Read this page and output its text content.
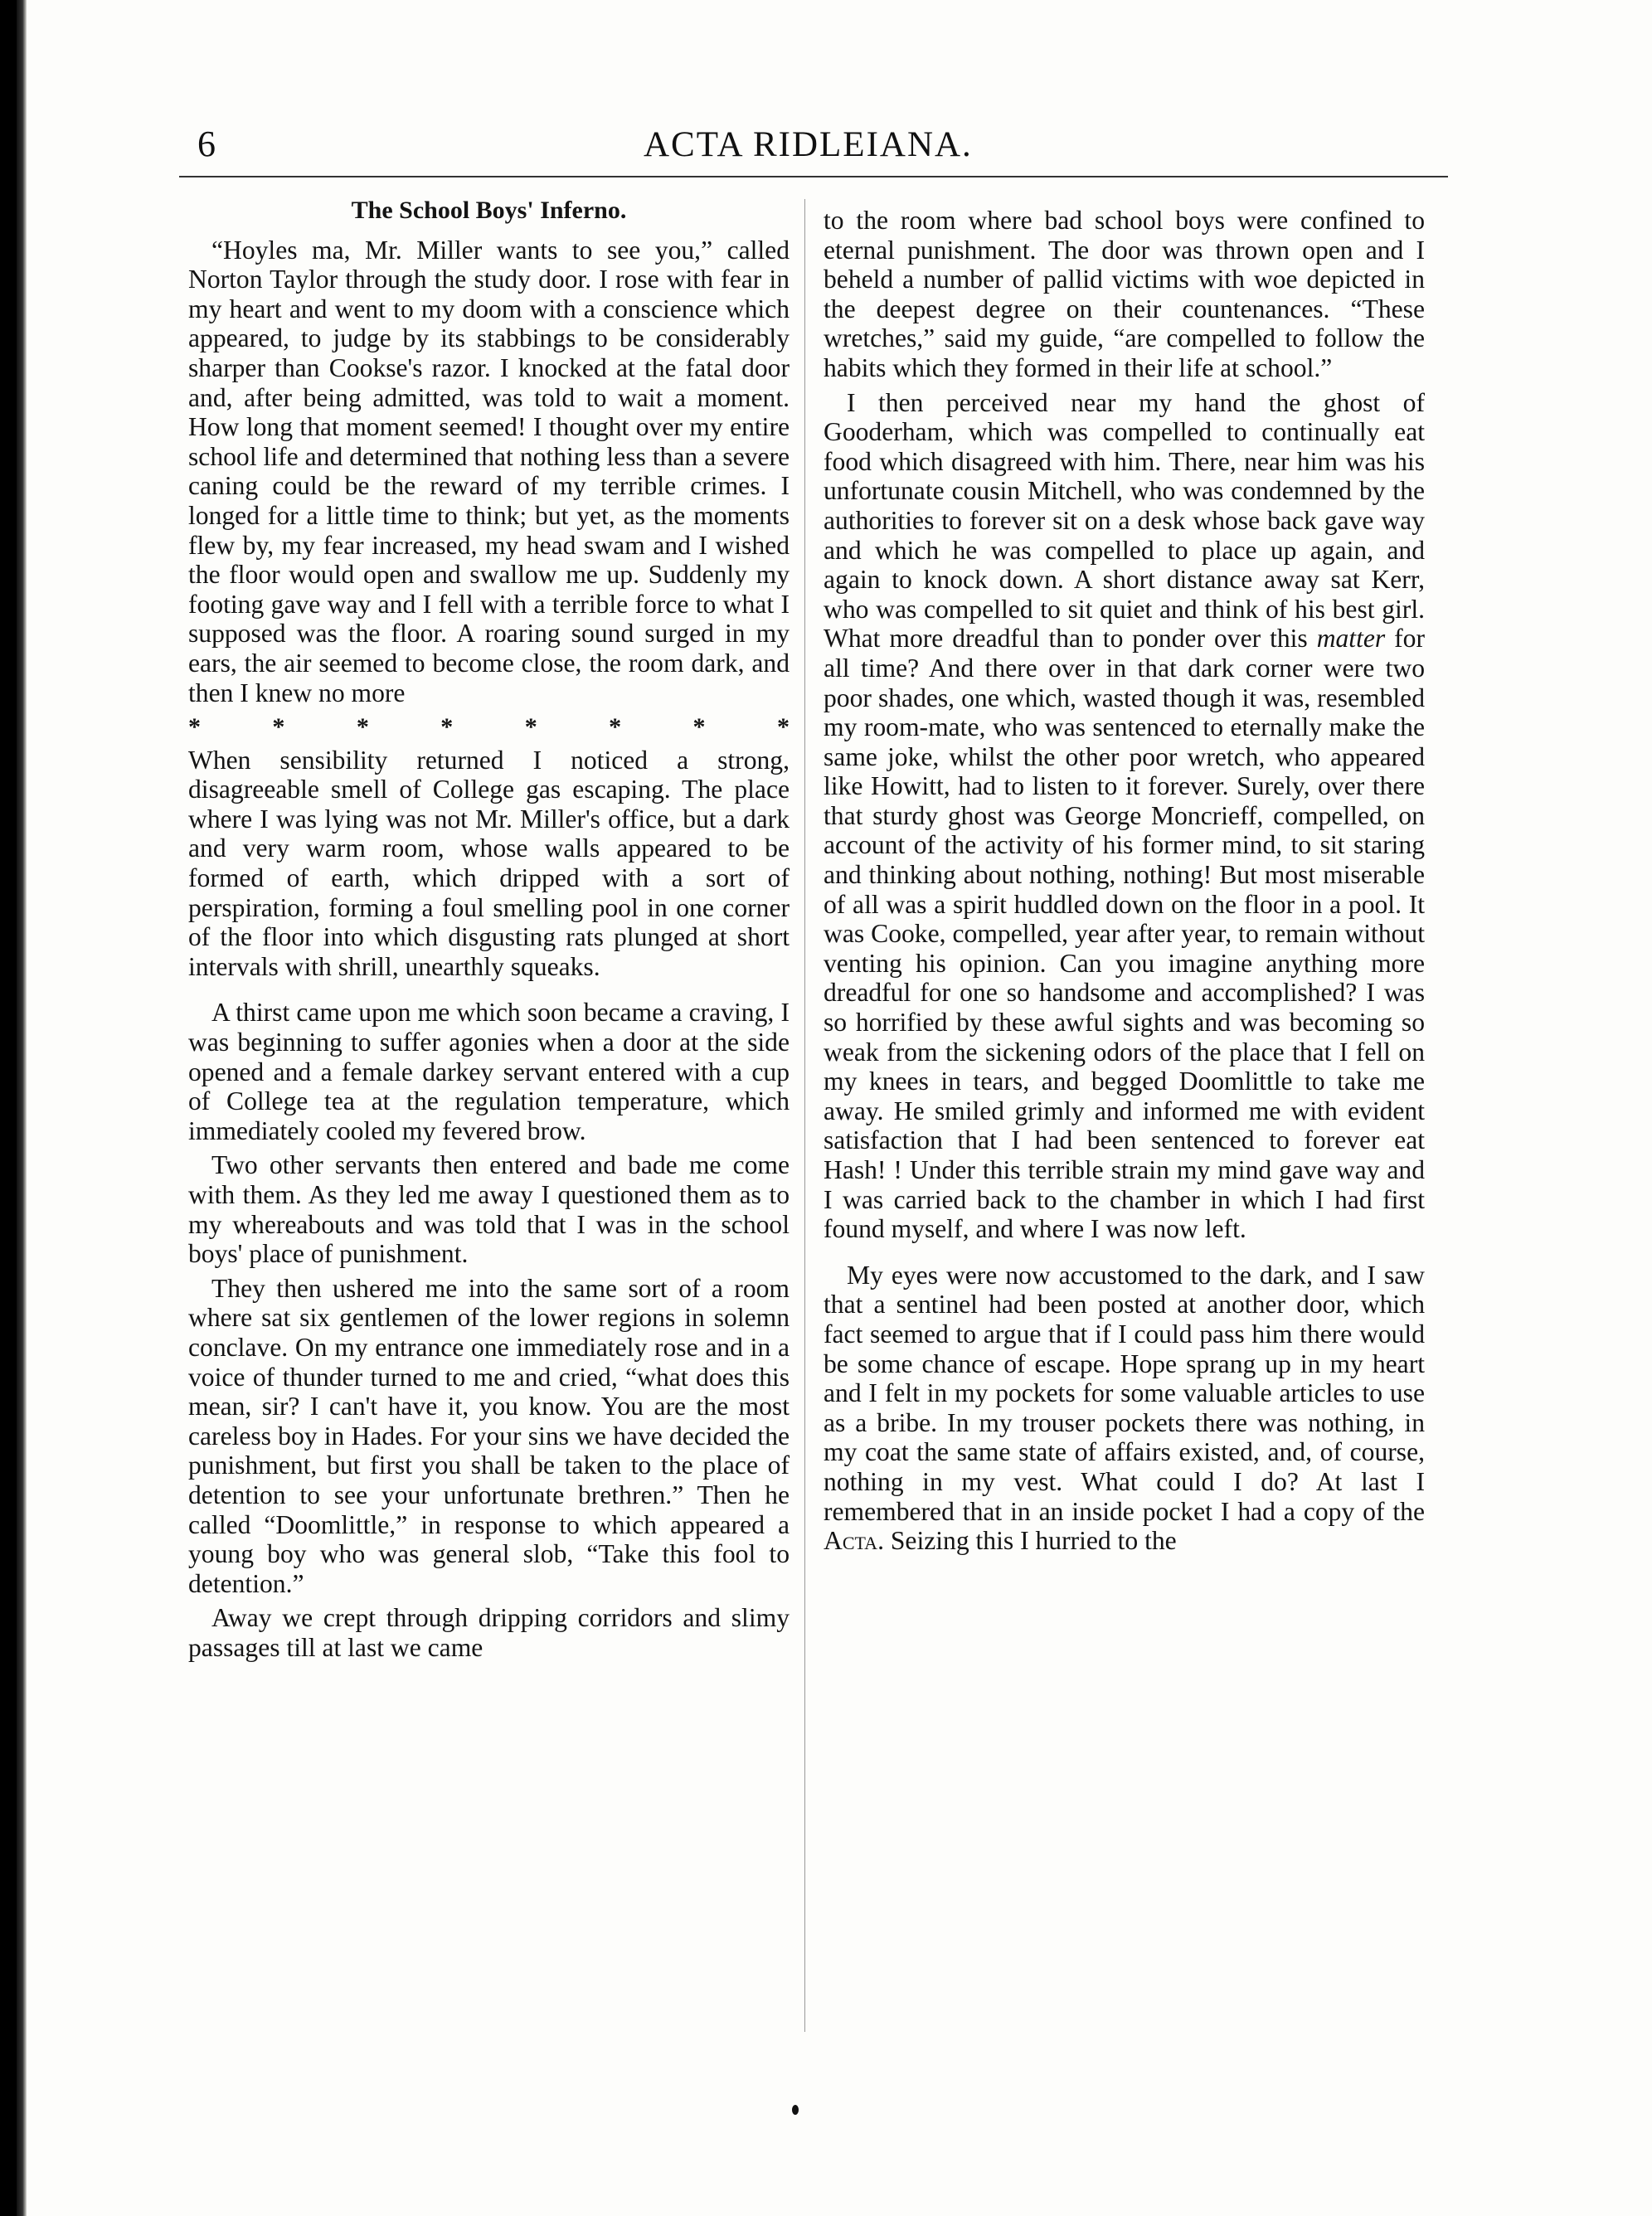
6	ACTA RIDLEIANA.
The School Boys' Inferno.

“Hoyles ma, Mr. Miller wants to see you,” called Norton Taylor through the study door. I rose with fear in my heart and went to my doom with a conscience which appeared, to judge by its stabbings to be considerably sharper than Cookse's razor. I knocked at the fatal door and, after being admitted, was told to wait a moment. How long that moment seemed! I thought over my entire school life and determined that nothing less than a severe caning could be the reward of my terrible crimes. I longed for a little time to think; but yet, as the moments flew by, my fear increased, my head swam and I wished the floor would open and swallow me up. Suddenly my footing gave way and I fell with a terrible force to what I supposed was the floor. A roaring sound surged in my ears, the air seemed to become close, the room dark, and then I knew no more

*	*	*	*	*	*	*	*

When sensibility returned I noticed a strong, disagreeable smell of College gas escaping. The place where I was lying was not Mr. Miller's office, but a dark and very warm room, whose walls appeared to be formed of earth, which dripped with a sort of perspiration, forming a foul smelling pool in one corner of the floor into which disgusting rats plunged at short intervals with shrill, unearthly squeaks.

A thirst came upon me which soon became a craving, I was beginning to suffer agonies when a door at the side opened and a female darkey servant entered with a cup of College tea at the regulation temperature, which immediately cooled my fevered brow.

Two other servants then entered and bade me come with them. As they led me away I questioned them as to my whereabouts and was told that I was in the school boys' place of punishment.

They then ushered me into the same sort of a room where sat six gentlemen of the lower regions in solemn conclave. On my entrance one immediately rose and in a voice of thunder turned to me and cried, “what does this mean, sir? I can't have it, you know. You are the most careless boy in Hades. For your sins we have decided the punishment, but first you shall be taken to the place of detention to see your unfortunate brethren.” Then he called “Doomlittle,” in response to which appeared a young boy who was general slob, “Take this fool to detention.”

Away we crept through dripping corridors and slimy passages till at last we came

to the room where bad school boys were confined to eternal punishment. The door was thrown open and I beheld a number of pallid victims with woe depicted in the deepest degree on their countenances. “These wretches,” said my guide, “are compelled to follow the habits which they formed in their life at school.”

I then perceived near my hand the ghost of Gooderham, which was compelled to continually eat food which disagreed with him. There, near him was his unfortunate cousin Mitchell, who was condemned by the authorities to forever sit on a desk whose back gave way and which he was compelled to place up again, and again to knock down. A short distance away sat Kerr, who was compelled to sit quiet and think of his best girl. What more dreadful than to ponder over this matter for all time? And there over in that dark corner were two poor shades, one which, wasted though it was, resembled my room-mate, who was sentenced to eternally make the same joke, whilst the other poor wretch, who appeared like Howitt, had to listen to it forever. Surely, over there that sturdy ghost was George Moncrieff, compelled, on account of the activity of his former mind, to sit staring and thinking about nothing, nothing! But most miserable of all was a spirit huddled down on the floor in a pool. It was Cooke, compelled, year after year, to remain without venting his opinion. Can you imagine anything more dreadful for one so handsome and accomplished? I was so horrified by these awful sights and was becoming so weak from the sickening odors of the place that I fell on my knees in tears, and begged Doomlittle to take me away. He smiled grimly and informed me with evident satisfaction that I had been sentenced to forever eat Hash! ! Under this terrible strain my mind gave way and I was carried back to the chamber in which I had first found myself, and where I was now left.

My eyes were now accustomed to the dark, and I saw that a sentinel had been posted at another door, which fact seemed to argue that if I could pass him there would be some chance of escape. Hope sprang up in my heart and I felt in my pockets for some valuable articles to use as a bribe. In my trouser pockets there was nothing, in my coat the same state of affairs existed, and, of course, nothing in my vest. What could I do? At last I remembered that in an inside pocket I had a copy of the Acta. Seizing this I hurried to the
